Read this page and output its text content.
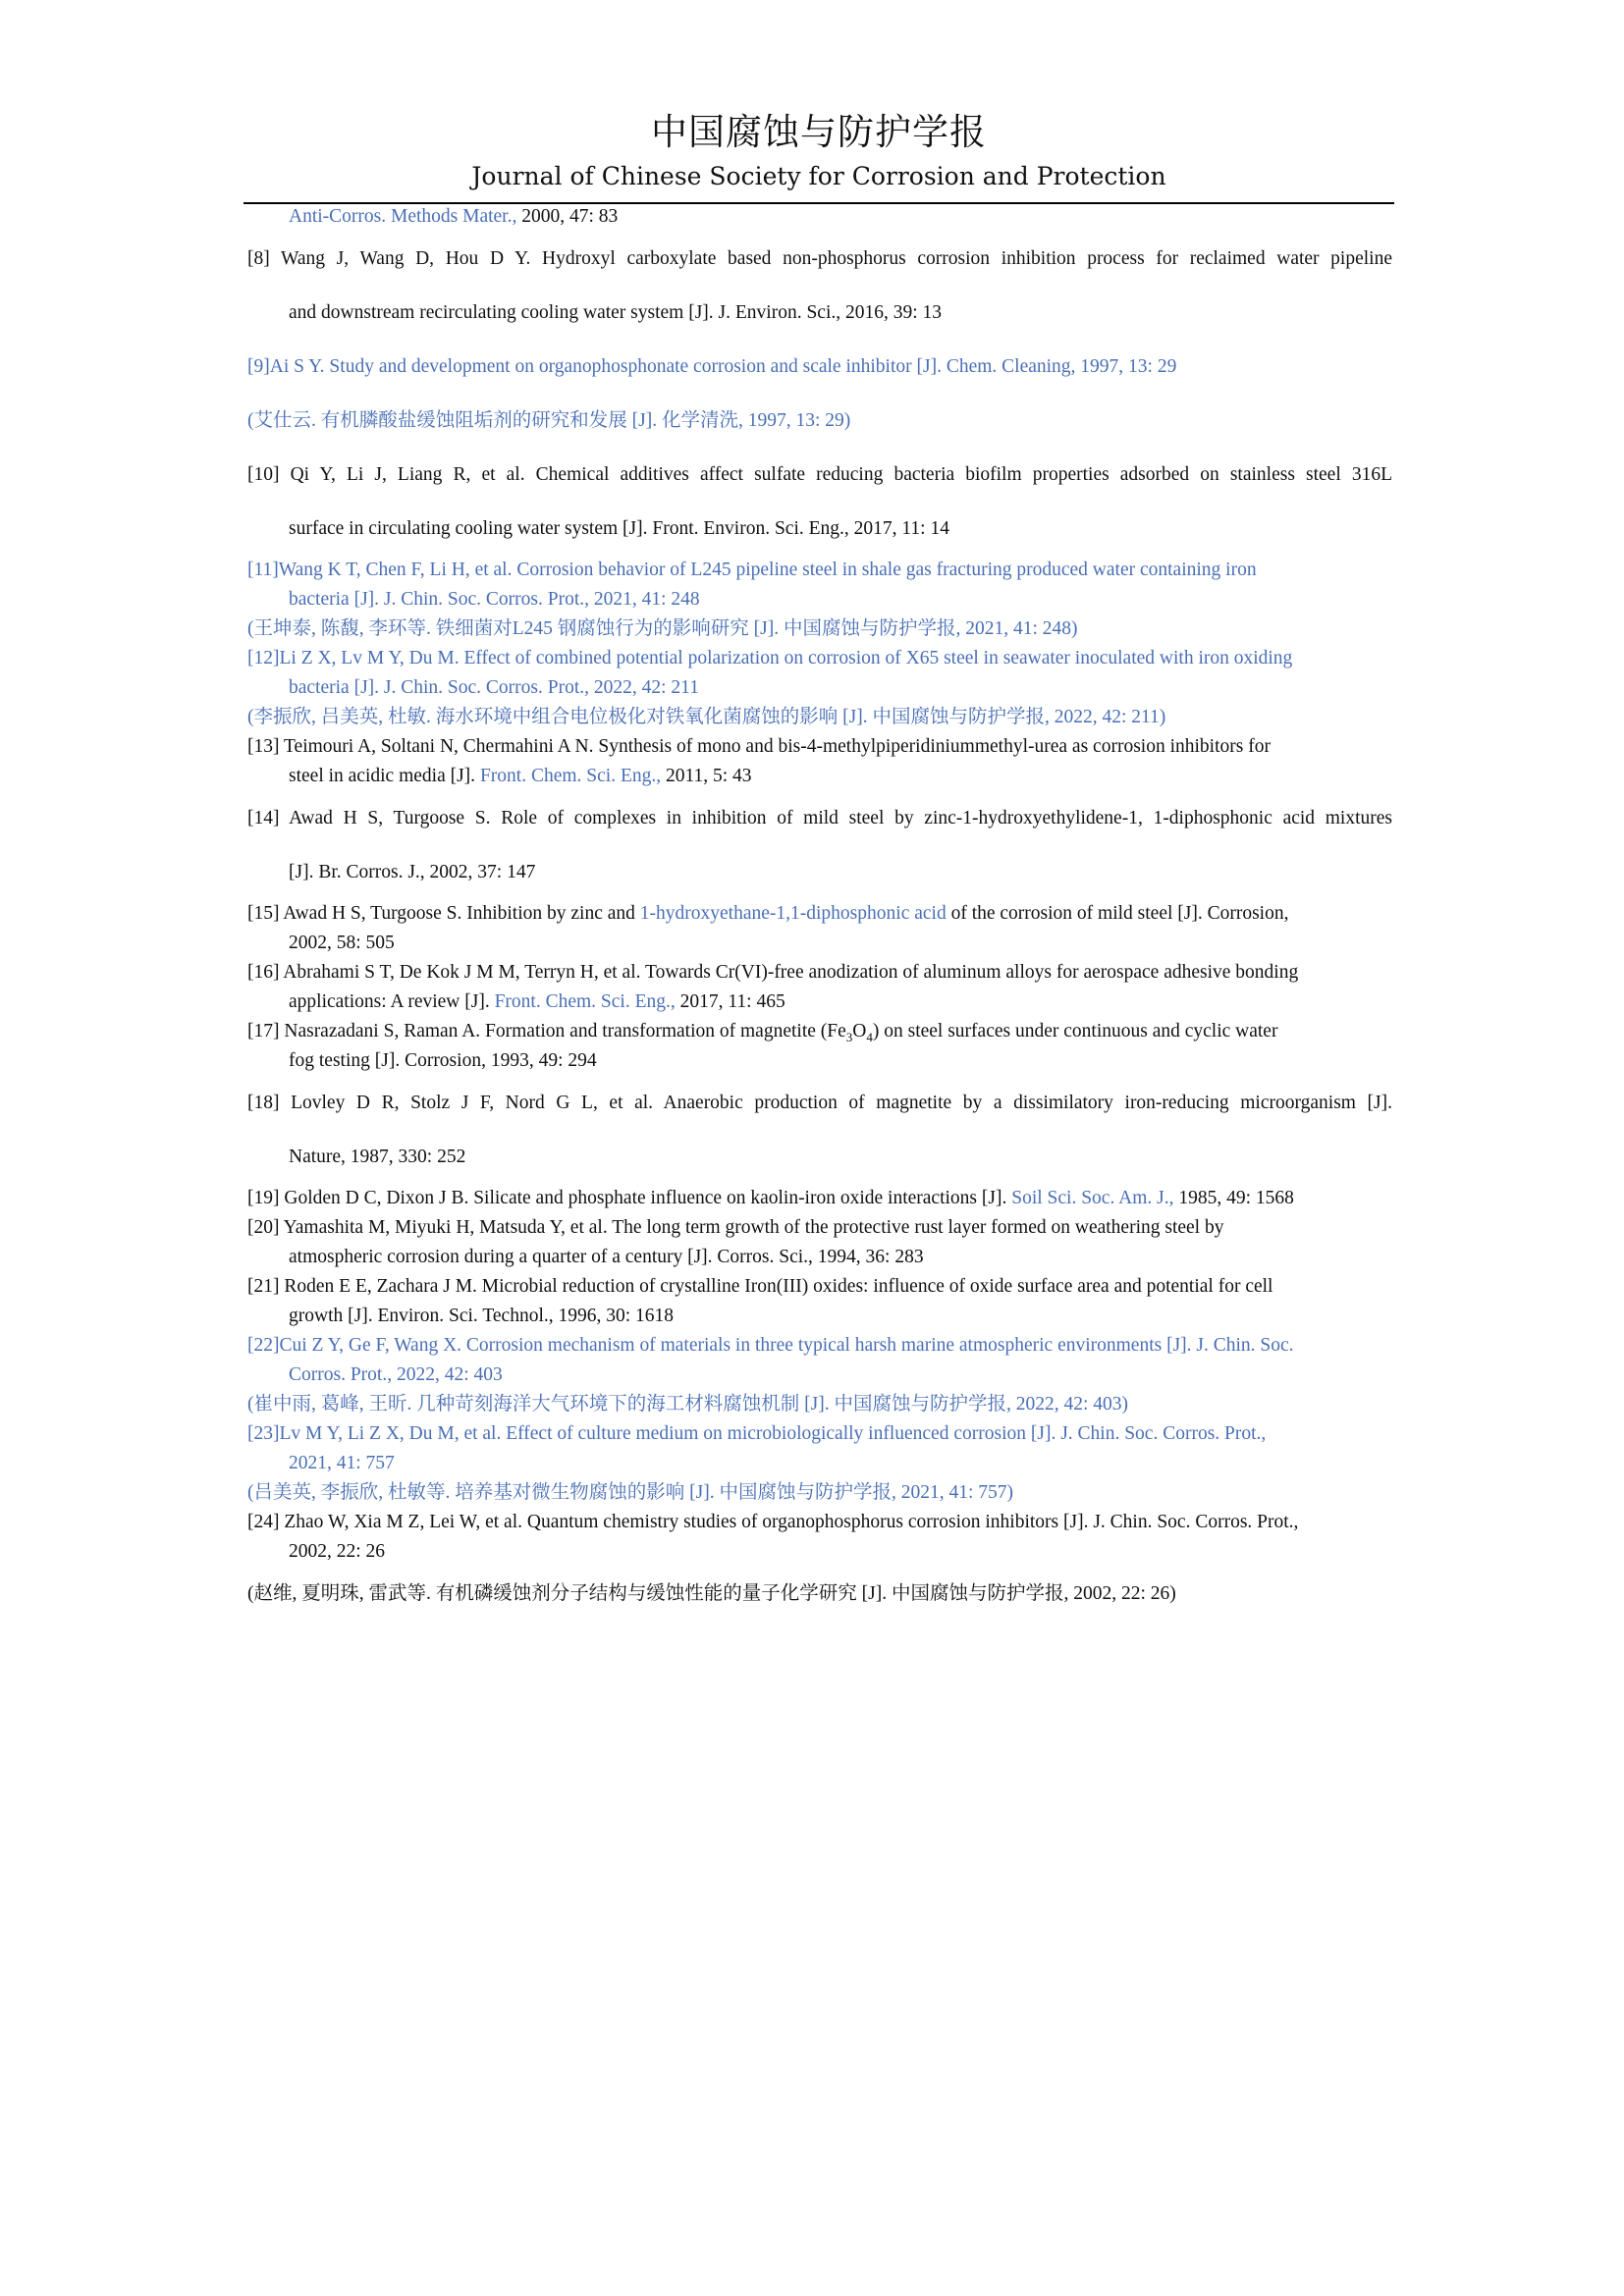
中国腐蚀与防护学报
Journal of Chinese Society for Corrosion and Protection
Anti-Corros. Methods Mater., 2000, 47: 83
[8] Wang J, Wang D, Hou D Y. Hydroxyl carboxylate based non-phosphorus corrosion inhibition process for reclaimed water pipeline
and downstream recirculating cooling water system [J]. J. Environ. Sci., 2016, 39: 13
[9]Ai S Y. Study and development on organophosphonate corrosion and scale inhibitor [J]. Chem. Cleaning, 1997, 13: 29
(艾仕云. 有机膦酸盐缓蚀阻垢剂的研究和发展 [J]. 化学清洗, 1997, 13: 29)
[10] Qi Y, Li J, Liang R, et al. Chemical additives affect sulfate reducing bacteria biofilm properties adsorbed on stainless steel 316L
surface in circulating cooling water system [J]. Front. Environ. Sci. Eng., 2017, 11: 14
[11]Wang K T, Chen F, Li H, et al. Corrosion behavior of L245 pipeline steel in shale gas fracturing produced water containing iron
bacteria [J]. J. Chin. Soc. Corros. Prot., 2021, 41: 248
(王坤泰, 陈馥, 李环等. 铁细菌对L245 钢腐蚀行为的影响研究 [J]. 中国腐蚀与防护学报, 2021, 41: 248)
[12]Li Z X, Lv M Y, Du M. Effect of combined potential polarization on corrosion of X65 steel in seawater inoculated with iron oxiding
bacteria [J]. J. Chin. Soc. Corros. Prot., 2022, 42: 211
(李振欣, 吕美英, 杜敏. 海水环境中组合电位极化对铁氧化菌腐蚀的影响 [J]. 中国腐蚀与防护学报, 2022, 42: 211)
[13] Teimouri A, Soltani N, Chermahini A N. Synthesis of mono and bis-4-methylpiperidiniummethyl-urea as corrosion inhibitors for
steel in acidic media [J]. Front. Chem. Sci. Eng., 2011, 5: 43
[14] Awad H S, Turgoose S. Role of complexes in inhibition of mild steel by zinc-1-hydroxyethylidene-1, 1-diphosphonic acid mixtures
[J]. Br. Corros. J., 2002, 37: 147
[15] Awad H S, Turgoose S. Inhibition by zinc and 1-hydroxyethane-1,1-diphosphonic acid of the corrosion of mild steel [J]. Corrosion,
2002, 58: 505
[16] Abrahami S T, De Kok J M M, Terryn H, et al. Towards Cr(VI)-free anodization of aluminum alloys for aerospace adhesive bonding
applications: A review [J]. Front. Chem. Sci. Eng., 2017, 11: 465
[17] Nasrazadani S, Raman A. Formation and transformation of magnetite $(Fe_3O_4)$ on steel surfaces under continuous and cyclic water
fog testing [J]. Corrosion, 1993, 49: 294
[18] Lovley D R, Stolz J F, Nord G L, et al. Anaerobic production of magnetite by a dissimilatory iron-reducing microorganism [J].
Nature, 1987, 330: 252
[19] Golden D C, Dixon J B. Silicate and phosphate influence on kaolin-iron oxide interactions [J]. Soil Sci. Soc. Am. J., 1985, 49: 1568
[20] Yamashita M, Miyuki H, Matsuda Y, et al. The long term growth of the protective rust layer formed on weathering steel by
atmospheric corrosion during a quarter of a century [J]. Corros. Sci., 1994, 36: 283
[21] Roden E E, Zachara J M. Microbial reduction of crystalline Iron(III) oxides: influence of oxide surface area and potential for cell
growth [J]. Environ. Sci. Technol., 1996, 30: 1618
[22]Cui Z Y, Ge F, Wang X. Corrosion mechanism of materials in three typical harsh marine atmospheric environments [J]. J. Chin. Soc.
Corros. Prot., 2022, 42: 403
(崔中雨, 葛峰, 王昕. 几种苛刻海洋大气环境下的海工材料腐蚀机制 [J]. 中国腐蚀与防护学报, 2022, 42: 403)
[23]Lv M Y, Li Z X, Du M, et al. Effect of culture medium on microbiologically influenced corrosion [J]. J. Chin. Soc. Corros. Prot.,
2021, 41: 757
(吕美英, 李振欣, 杜敏等. 培养基对微生物腐蚀的影响 [J]. 中国腐蚀与防护学报, 2021, 41: 757)
[24] Zhao W, Xia M Z, Lei W, et al. Quantum chemistry studies of organophosphorus corrosion inhibitors [J]. J. Chin. Soc. Corros. Prot.,
2002, 22: 26
(赵维, 夏明珠, 雷武等. 有机磷缓蚀剂分子结构与缓蚀性能的量子化学研究 [J]. 中国腐蚀与防护学报, 2002, 22: 26)
